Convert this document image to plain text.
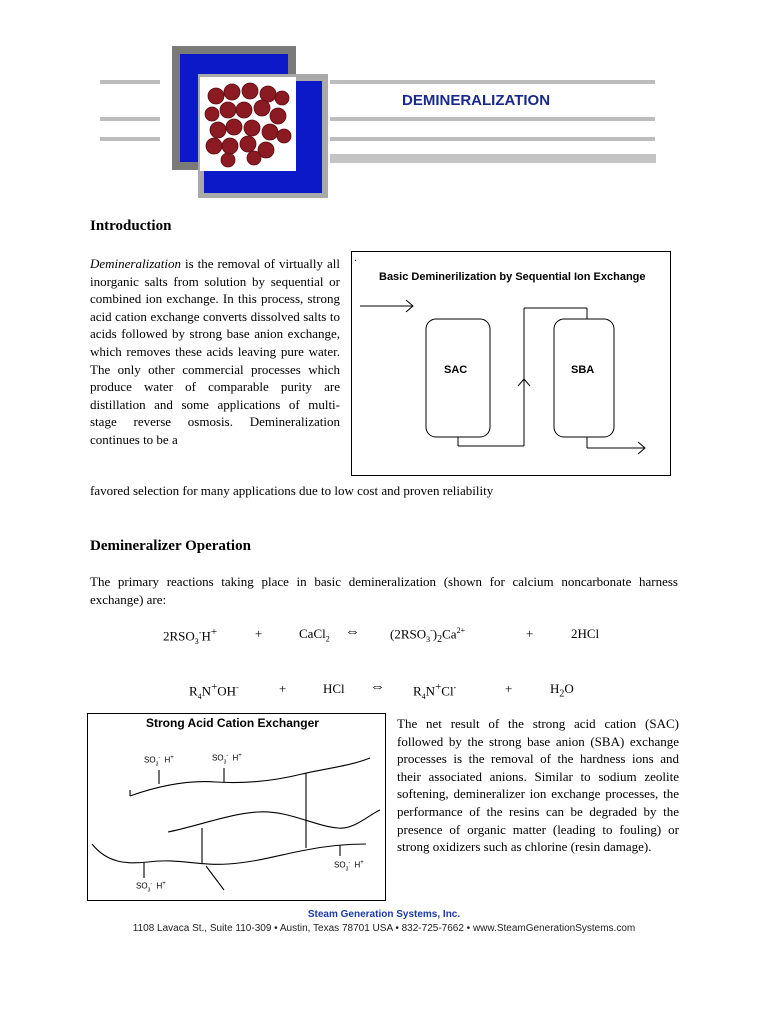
DEMINERALIZATION
Introduction
Demineralization is the removal of virtually all inorganic salts from solution by sequential or combined ion exchange. In this process, strong acid cation exchange converts dissolved salts to acids followed by strong base anion exchange, which removes these acids leaving pure water. The only other commercial processes which produce water of comparable purity are distillation and some applications of multi-stage reverse osmosis. Demineralization continues to be a
favored selection for many applications due to low cost and proven reliability
.
Basic Deminerilization by Sequential Ion Exchange
SAC	SBA
Demineralizer Operation
The primary reactions taking place in basic demineralization (shown for calcium noncarbonate harness exchange) are:
$2RSO_3^-H^+$	+	CaCl$_2$ ⇔ $(2RSO_3^-)_2Ca^{2+}$	+	2HCl
$R_4N^+OH^-$	+	HCl ⇔ $R_4N^+Cl^-$	+	$H_2O$
Strong Acid Cation Exchanger
$SO_3^-$ H+	$SO_3^-$ H+
$SO_3^-$ H+
$SO_3^-$ H+
The net result of the strong acid cation (SAC) followed by the strong base anion (SBA) exchange processes is the removal of the hardness ions and their associated anions. Similar to sodium zeolite softening, demineralizer ion exchange processes, the performance of the resins can be degraded by the presence of organic matter (leading to fouling) or strong oxidizers such as chlorine (resin damage).
Steam Generation Systems, Inc.
1108 Lavaca St., Suite 110-309 • Austin, Texas 78701 USA • 832-725-7662 • www.SteamGenerationSystems.com
